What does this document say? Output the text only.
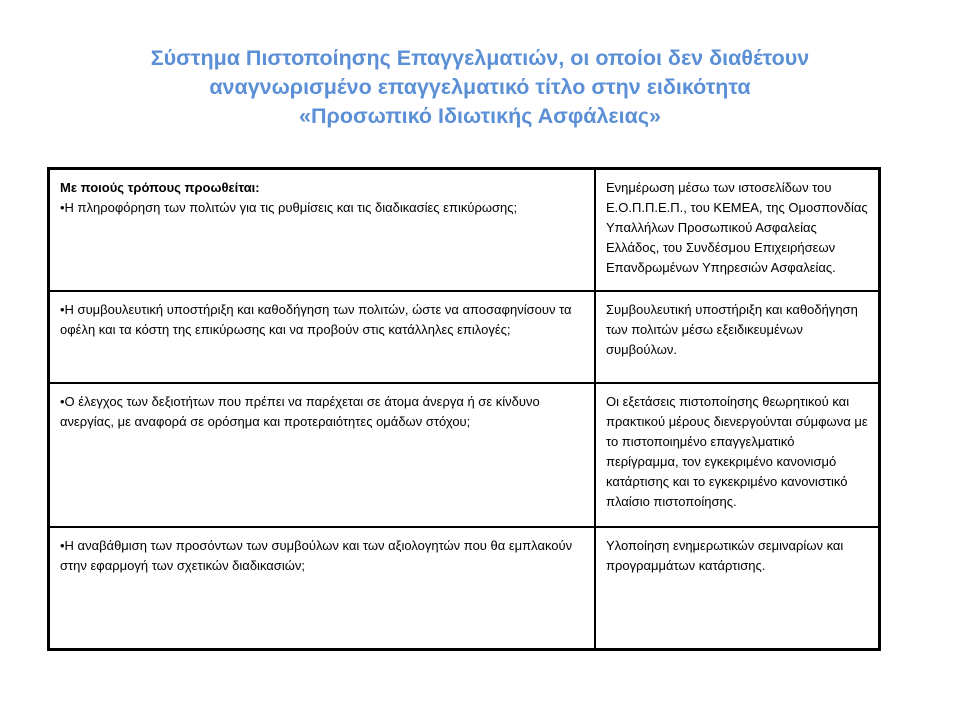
Σύστημα Πιστοποίησης Επαγγελματιών, οι οποίοι δεν διαθέτουν
αναγνωρισμένο επαγγελματικό τίτλο στην ειδικότητα
«Προσωπικό Ιδιωτικής Ασφάλειας»
Με ποιούς τρόπους προωθείται:
•Η πληροφόρηση των πολιτών για τις ρυθμίσεις και τις διαδικασίες επικύρωσης;	Ενημέρωση μέσω των ιστοσελίδων του Ε.Ο.Π.Π.Ε.Π., του ΚΕΜΕΑ, της Ομοσπονδίας Υπαλλήλων Προσωπικού Ασφαλείας Ελλάδος, του Συνδέσμου Επιχειρήσεων Επανδρωμένων Υπηρεσιών Ασφαλείας.

•Η συμβουλευτική υποστήριξη και καθοδήγηση των πολιτών, ώστε να αποσαφηνίσουν τα οφέλη και τα κόστη της επικύρωσης και να προβούν στις κατάλληλες επιλογές;	Συμβουλευτική υποστήριξη και καθοδήγηση των πολιτών μέσω εξειδικευμένων συμβούλων.

•Ο έλεγχος των δεξιοτήτων που πρέπει να παρέχεται σε άτομα άνεργα ή σε κίνδυνο ανεργίας, με αναφορά σε ορόσημα και προτεραιότητες ομάδων στόχου;	Οι εξετάσεις πιστοποίησης θεωρητικού και πρακτικού μέρους διενεργούνται σύμφωνα με το πιστοποιημένο επαγγελματικό περίγραμμα, τον εγκεκριμένο κανονισμό κατάρτισης και το εγκεκριμένο κανονιστικό πλαίσιο πιστοποίησης.

•Η αναβάθμιση των προσόντων των συμβούλων και των αξιολογητών που θα εμπλακούν στην εφαρμογή των σχετικών διαδικασιών;	Υλοποίηση ενημερωτικών σεμιναρίων και προγραμμάτων κατάρτισης.
